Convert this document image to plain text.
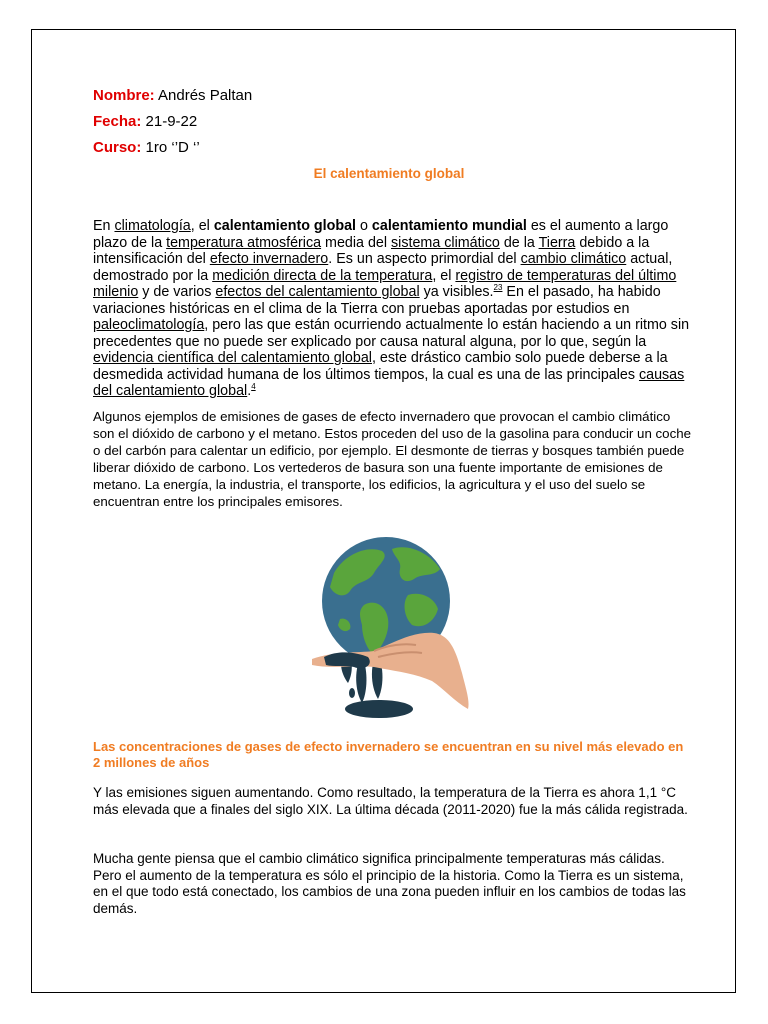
Nombre: Andrés Paltan
Fecha: 21-9-22
Curso: 1ro ‘’D ‘’
El calentamiento global

En climatología, el calentamiento global o calentamiento mundial es el aumento a largo plazo de la temperatura atmosférica media del sistema climático de la Tierra debido a la intensificación del efecto invernadero. Es un aspecto primordial del cambio climático actual, demostrado por la medición directa de la temperatura, el registro de temperaturas del último milenio y de varios efectos del calentamiento global ya visibles.$^{23}$ En el pasado, ha habido variaciones históricas en el clima de la Tierra con pruebas aportadas por estudios en paleoclimatología, pero las que están ocurriendo actualmente lo están haciendo a un ritmo sin precedentes que no puede ser explicado por causa natural alguna, por lo que, según la evidencia científica del calentamiento global, este drástico cambio solo puede deberse a la desmedida actividad humana de los últimos tiempos, la cual es una de las principales causas del calentamiento global.$^4$

Algunos ejemplos de emisiones de gases de efecto invernadero que provocan el cambio climático son el dióxido de carbono y el metano. Estos proceden del uso de la gasolina para conducir un coche o del carbón para calentar un edificio, por ejemplo. El desmonte de tierras y bosques también puede liberar dióxido de carbono. Los vertederos de basura son una fuente importante de emisiones de metano. La energía, la industria, el transporte, los edificios, la agricultura y el uso del suelo se encuentran entre los principales emisores.

Las concentraciones de gases de efecto invernadero se encuentran en su nivel más elevado en 2 millones de años

Y las emisiones siguen aumentando. Como resultado, la temperatura de la Tierra es ahora 1,1 °C más elevada que a finales del siglo XIX. La última década (2011-2020) fue la más cálida registrada.

Mucha gente piensa que el cambio climático significa principalmente temperaturas más cálidas. Pero el aumento de la temperatura es sólo el principio de la historia. Como la Tierra es un sistema, en el que todo está conectado, los cambios de una zona pueden influir en los cambios de todas las demás.
